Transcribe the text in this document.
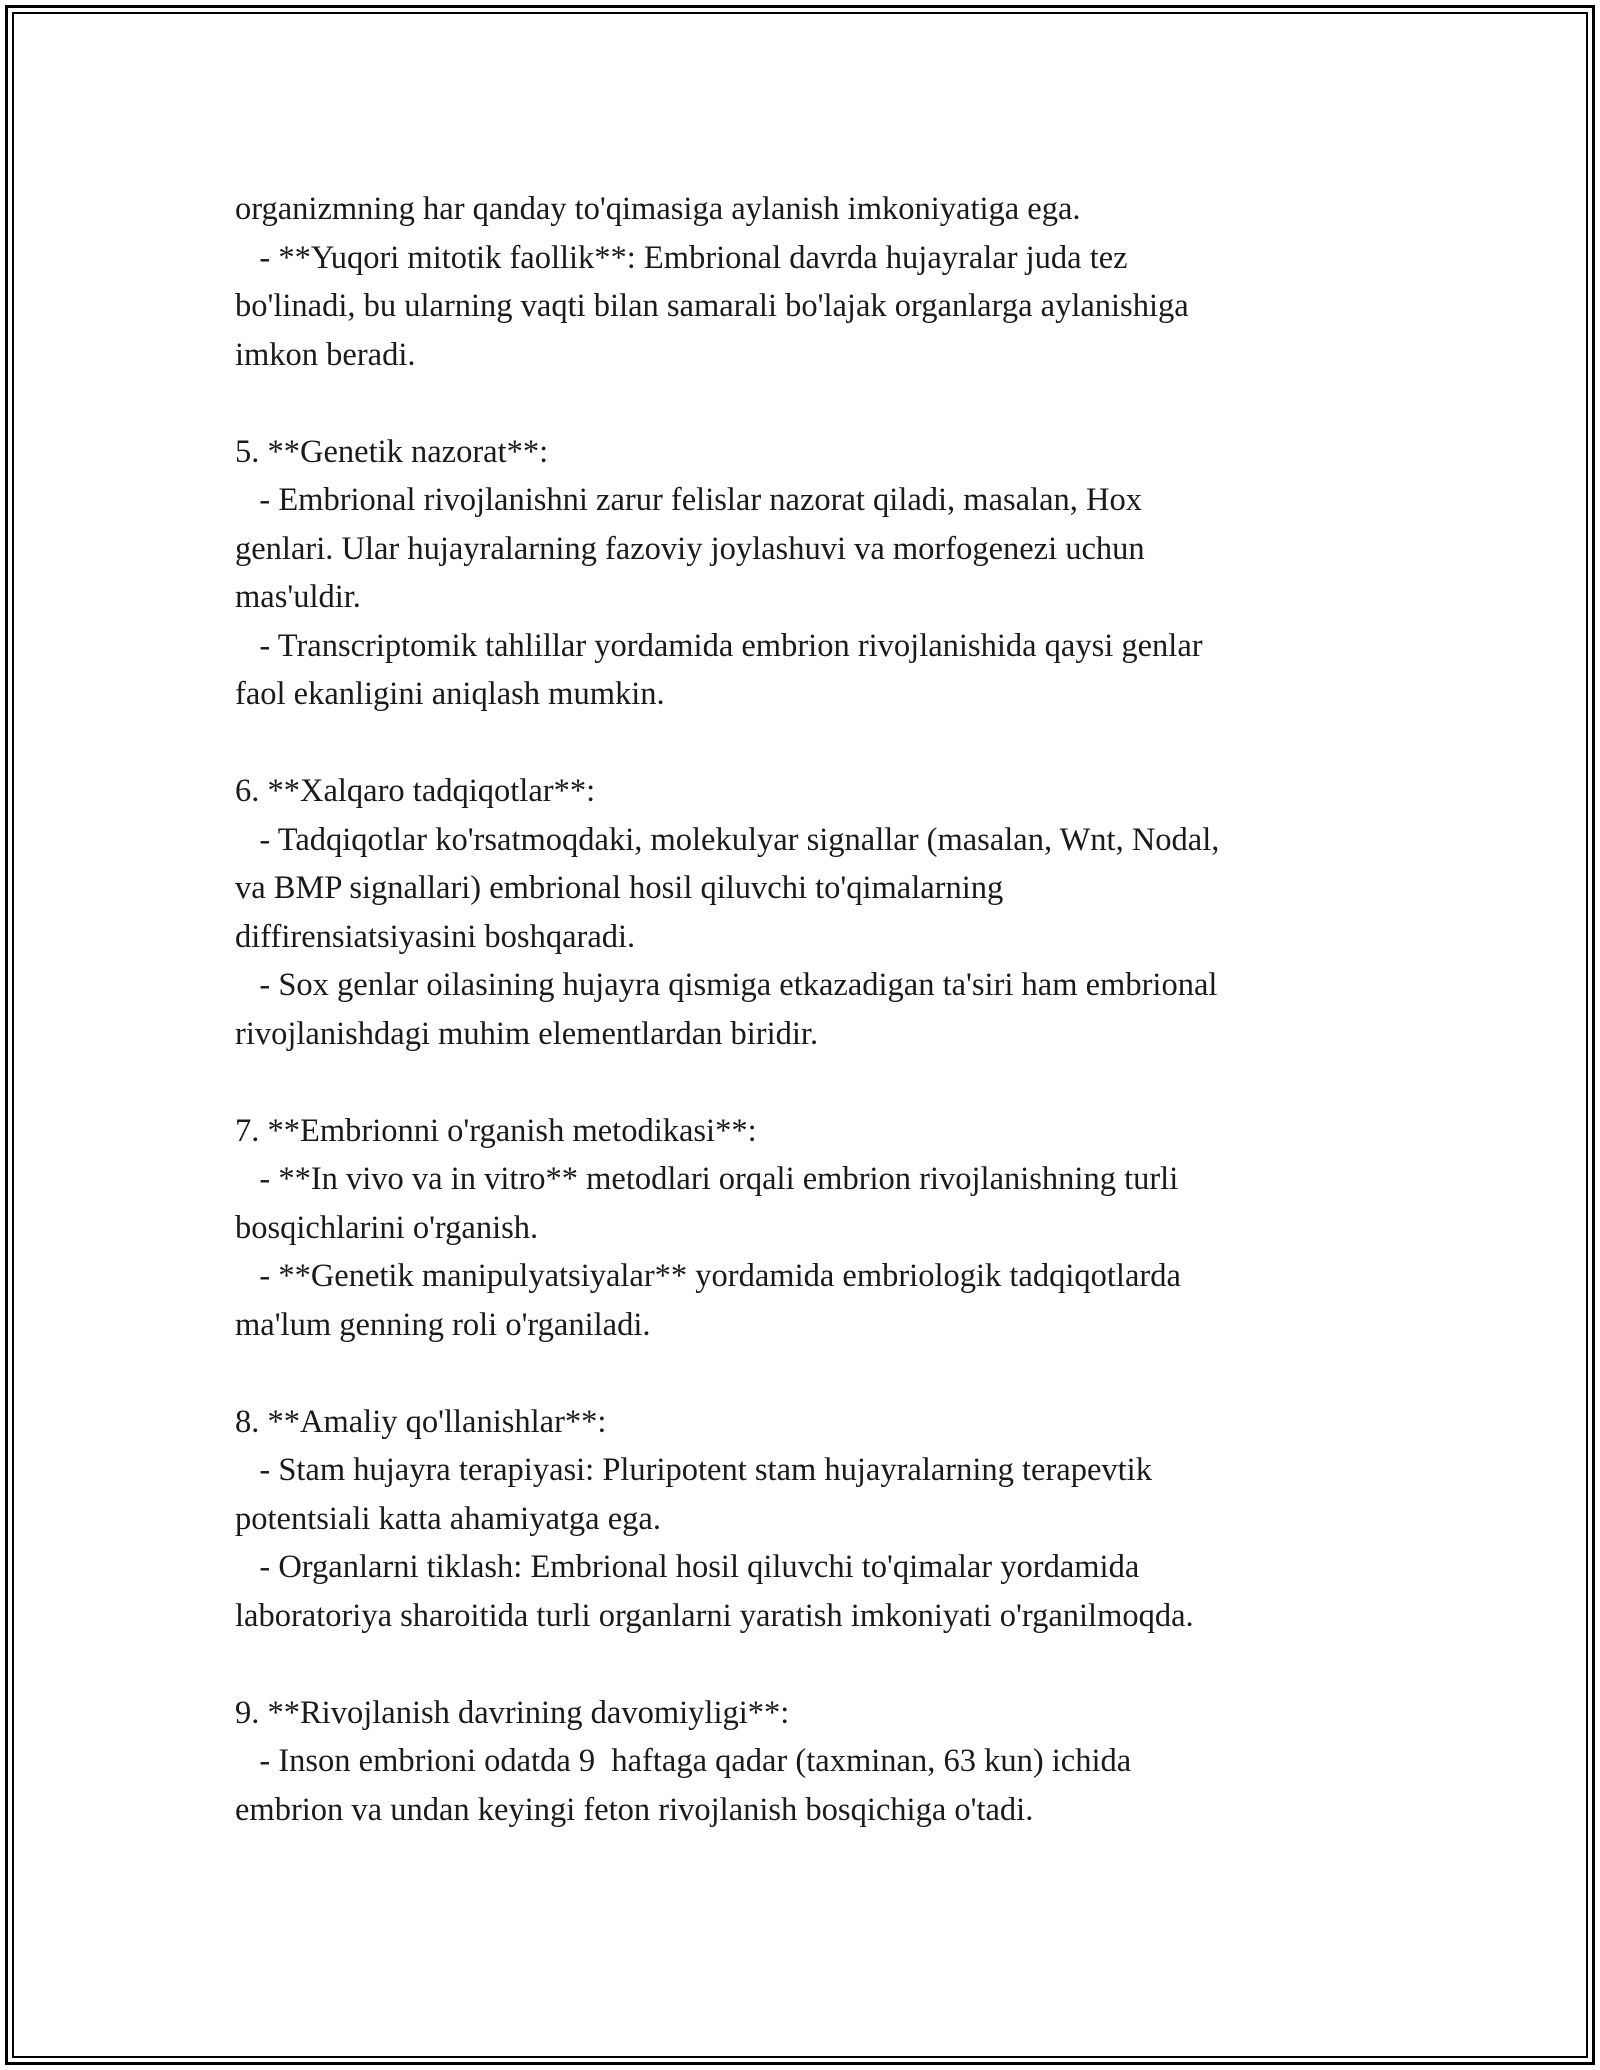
organizmning har qanday to'qimasiga aylanish imkoniyatiga ega.
- **Yuqori mitotik faollik**: Embrional davrda hujayralar juda tez
bo'linadi, bu ularning vaqti bilan samarali bo'lajak organlarga aylanishiga
imkon beradi.
5. **Genetik nazorat**:
- Embrional rivojlanishni zarur felislar nazorat qiladi, masalan, Hox
genlari. Ular hujayralarning fazoviy joylashuvi va morfogenezi uchun
mas'uldir.
- Transcriptomik tahlillar yordamida embrion rivojlanishida qaysi genlar
faol ekanligini aniqlash mumkin.
6. **Xalqaro tadqiqotlar**:
- Tadqiqotlar ko'rsatmoqdaki, molekulyar signallar (masalan, Wnt, Nodal,
va BMP signallari) embrional hosil qiluvchi to'qimalarning
diffirensiatsiyasini boshqaradi.
- Sox genlar oilasining hujayra qismiga etkazadigan ta'siri ham embrional
rivojlanishdagi muhim elementlardan biridir.
7. **Embrionni o'rganish metodikasi**:
- **In vivo va in vitro** metodlari orqali embrion rivojlanishning turli
bosqichlarini o'rganish.
- **Genetik manipulyatsiyalar** yordamida embriologik tadqiqotlarda
ma'lum genning roli o'rganiladi.
8. **Amaliy qo'llanishlar**:
- Stam hujayra terapiyasi: Pluripotent stam hujayralarning terapevtik
potentsiali katta ahamiyatga ega.
- Organlarni tiklash: Embrional hosil qiluvchi to'qimalar yordamida
laboratoriya sharoitida turli organlarni yaratish imkoniyati o'rganilmoqda.
9. **Rivojlanish davrining davomiyligi**:
- Inson embrioni odatda 9  haftaga qadar (taxminan, 63 kun) ichida
embrion va undan keyingi feton rivojlanish bosqichiga o'tadi.
